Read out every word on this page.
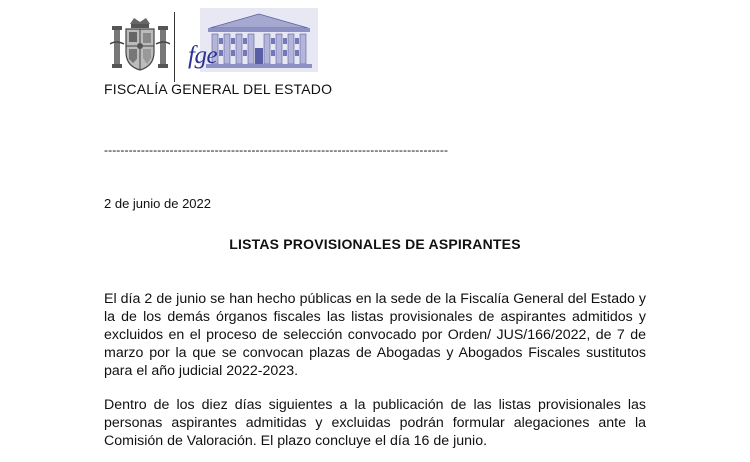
fge
FISCALÍA GENERAL DEL ESTADO
------------------------------------------------------------------------------------
2 de junio de 2022
LISTAS PROVISIONALES DE ASPIRANTES
El día 2 de junio se han hecho públicas en la sede de la Fiscalía General del Estado y la de los demás órganos fiscales las listas provisionales de aspirantes admitidos y excluidos en el proceso de selección convocado por Orden/ JUS/166/2022, de 7 de marzo por la que se convocan plazas de Abogadas y Abogados Fiscales sustitutos para el año judicial 2022-2023.
Dentro de los diez días siguientes a la publicación de las listas provisionales las personas aspirantes admitidas y excluidas podrán formular alegaciones ante la Comisión de Valoración. El plazo concluye el día 16 de junio.
